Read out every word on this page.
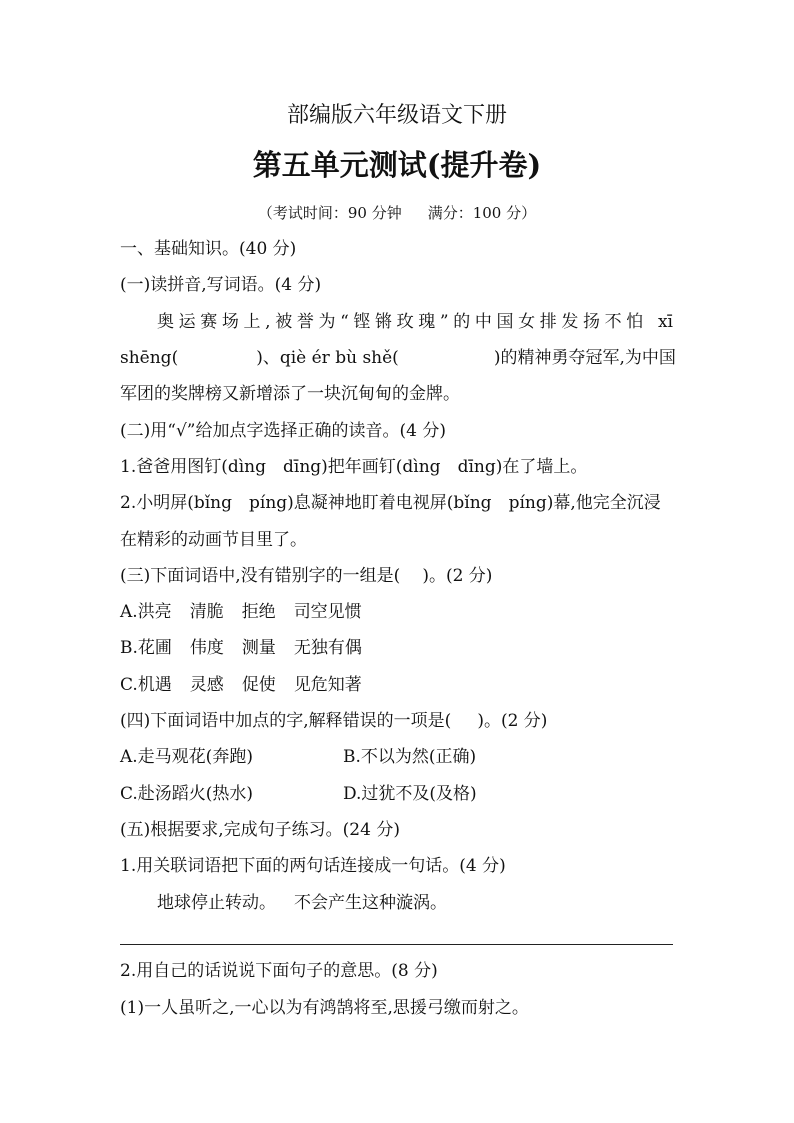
部编版六年级语文下册
第五单元测试(提升卷)
（考试时间：90 分钟 满分：100 分）
一、基础知识。(40 分)
(一)读拼音,写词语。(4 分)
奥运赛场上,被誉为“铿锵玫瑰”的中国女排发扬不怕 xī
shēng(	)、qiè ér bù shě(	)的精神勇夺冠军,为中国
军团的奖牌榜又新增添了一块沉甸甸的金牌。
(二)用“√”给加点字选择正确的读音。(4 分)
1.爸爸用图钉(dìng　dīng)把年画钉(dìng　dīng)在了墙上。
2.小明屏(bǐng　píng)息凝神地盯着电视屏(bǐng　píng)幕,他完全沉浸
在精彩的动画节目里了。
(三)下面词语中,没有错别字的一组是( )。(2 分)
A.洪亮 清脆 拒绝 司空见惯
B.花圃 伟度 测量 无独有偶
C.机遇 灵感 促使 见危知著
(四)下面词语中加点的字,解释错误的一项是( )。(2 分)
A.走马观花(奔跑)	B.不以为然(正确)
C.赴汤蹈火(热水)	D.过犹不及(及格)
(五)根据要求,完成句子练习。(24 分)
1.用关联词语把下面的两句话连接成一句话。(4 分)
地球停止转动。 不会产生这种漩涡。
2.用自己的话说说下面句子的意思。(8 分)
(1)一人虽听之,一心以为有鸿鹄将至,思援弓缴而射之。
